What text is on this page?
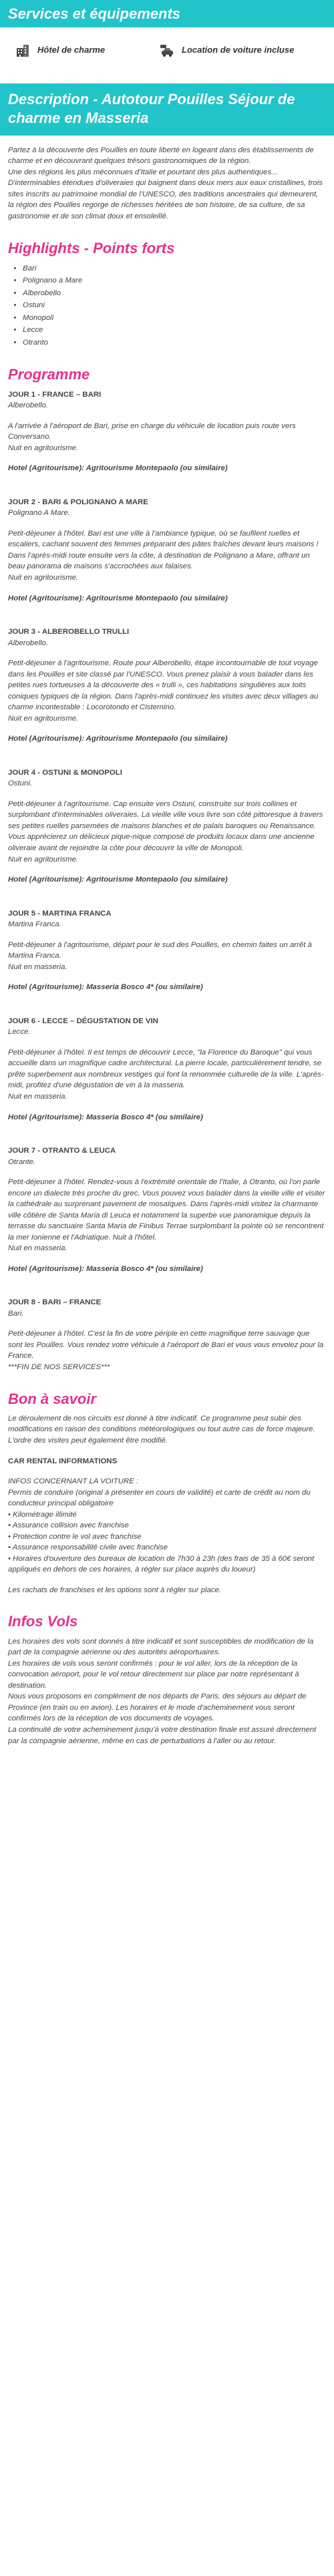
Services et équipements
Hôtel de charme	Location de voiture incluse
Description - Autotour Pouilles Séjour de charme en Masseria

Partez à la découverte des Pouilles en toute liberté en logeant dans des établissements de charme et en découvrant quelques trésors gastronomiques de la région.

Une des régions les plus méconnues d'Italie et pourtant des plus authentiques... D'interminables étendues d'oliveraies qui baignent dans deux mers aux eaux cristallines, trois sites inscrits au patrimoine mondial de l'UNESCO, des traditions ancestrales qui demeurent, la région des Pouilles regorge de richesses héritées de son histoire, de sa culture, de sa gastronomie et de son climat doux et ensoleillé.

Highlights - Points forts
• Bari
• Polignano a Mare
• Alberobello
• Ostuni
• Monopoli
• Lecce
• Otranto
Programme

JOUR 1 - FRANCE – BARI

Alberobello.

A l'arrivée à l'aéroport de Bari, prise en charge du véhicule de location puis route vers Conversano.

Nuit en agritourisme.

Hotel (Agritourisme): Agritourisme Montepaolo (ou similaire)

JOUR 2 - BARI & POLIGNANO A MARE

Polignano A Mare.

Petit-déjeuner à l'hôtel. Bari est une ville à l'ambiance typique, où se faufilent ruelles et escaliers, cachant souvent des femmes préparant des pâtes fraîches devant leurs maisons ! Dans l'après-midi route ensuite vers la côte, à destination de Polignano a Mare, offrant un beau panorama de maisons s'accrochées aux falaises.

Nuit en agritourisme.

Hotel (Agritourisme): Agritourisme Montepaolo (ou similaire)

JOUR 3 - ALBEROBELLO TRULLI

Alberobello.

Petit-déjeuner à l'agritourisme. Route pour Alberobello, étape incontournable de tout voyage dans les Pouilles et site classé par l'UNESCO. Vous prenez plaisir à vous balader dans les petites rues tortueuses à la découverte des « trulli », ces habitations singulières aux toits coniques typiques de la région. Dans l'après-midi continuez les visites avec deux villages au charme incontestable : Locorotondo et Cisternino.

Nuit en agritourisme.

Hotel (Agritourisme): Agritourisme Montepaolo (ou similaire)

JOUR 4 - OSTUNI & MONOPOLI

Ostuni.

Petit-déjeuner à l'agritourisme. Cap ensuite vers Ostuni, construite sur trois collines et surplombant d'interminables oliveraies. La vieille ville vous livre son côté pittoresque à travers ses petites ruelles parsemées de maisons blanches et de palais baroques ou Renaissance. Vous apprécierez un délicieux pique-nique composé de produits locaux dans une ancienne oliveraie avant de rejoindre la côte pour découvrir la ville de Monopoli.

Nuit en agritourisme.

Hotel (Agritourisme): Agritourisme Montepaolo (ou similaire)

JOUR 5 - MARTINA FRANCA

Martina Franca.

Petit-déjeuner à l'agritourisme, départ pour le sud des Pouilles, en chemin faites un arrêt à Martina Franca.

Nuit en masseria.

Hotel (Agritourisme): Masseria Bosco 4* (ou similaire)

JOUR 6 - LECCE – DÉGUSTATION DE VIN

Lecce.

Petit-déjeuner à l'hôtel. Il est temps de découvrir Lecce, "la Florence du Baroque" qui vous accueille dans un magnifique cadre architectural. La pierre locale, particulièrement tendre, se prête superbement aux nombreux vestiges qui font la renommée culturelle de la ville. L'après-midi, profitez d'une dégustation de vin à la masseria.

Nuit en masseria.

Hotel (Agritourisme): Masseria Bosco 4* (ou similaire)

JOUR 7 - OTRANTO & LEUCA

Otrante.

Petit-déjeuner à l'hôtel. Rendez-vous à l'extrémité orientale de l'Italie, à Otranto, où l'on parle encore un dialecte très proche du grec. Vous pouvez vous balader dans la vieille ville et visiter la cathédrale au surprenant pavement de mosaïques. Dans l'après-midi visitez la charmante ville côtière de Santa Maria di Leuca et notamment la superbe vue panoramique depuis la terrasse du sanctuaire Santa Maria de Finibus Terrae surplombant la pointe où se rencontrent la mer Ionienne et l'Adriatique. Nuit à l'hôtel.

Nuit en masseria.

Hotel (Agritourisme): Masseria Bosco 4* (ou similaire)

JOUR 8 - BARI – FRANCE

Bari.

Petit-déjeuner à l'hôtel. C'est la fin de votre périple en cette magnifique terre sauvage que sont les Pouilles. Vous rendez votre véhicule à l'aéroport de Bari et vous vous envolez pour la France.

***FIN DE NOS SERVICES***

Bon à savoir

Le déroulement de nos circuits est donné à titre indicatif. Ce programme peut subir des modifications en raison des conditions météorologiques ou tout autre cas de force majeure. L'ordre des visites peut également être modifié.

CAR RENTAL INFORMATIONS

INFOS CONCERNANT LA VOITURE :

Permis de conduire (original à présenter en cours de validité) et carte de crédit au nom du conducteur principal obligatoire

• Kilométrage illimité

• Assurance collision avec franchise

• Protection contre le vol avec franchise

• Assurance responsabilité civile avec franchise

• Horaires d'ouverture des bureaux de location de 7h30 à 23h (des frais de 35 à 60€ seront appliqués en dehors de ces horaires, à régler sur place auprès du loueur)

Les rachats de franchises et les options sont à régler sur place.

Infos Vols

Les horaires des vols sont donnés à titre indicatif et sont susceptibles de modification de la part de la compagnie aérienne ou des autorités aéroportuaires.

Les horaires de vols vous seront confirmés : pour le vol aller, lors de la réception de la convocation aéroport, pour le vol retour directement sur place par notre représentant à destination.

Nous vous proposons en complément de nos départs de Paris, des séjours au départ de Province (en train ou en avion). Les horaires et le mode d'acheminement vous seront confirmés lors de la réception de vos documents de voyages.

La continuité de votre acheminement jusqu'à votre destination finale est assuré directement par la compagnie aérienne, même en cas de perturbations à l'aller ou au retour.
